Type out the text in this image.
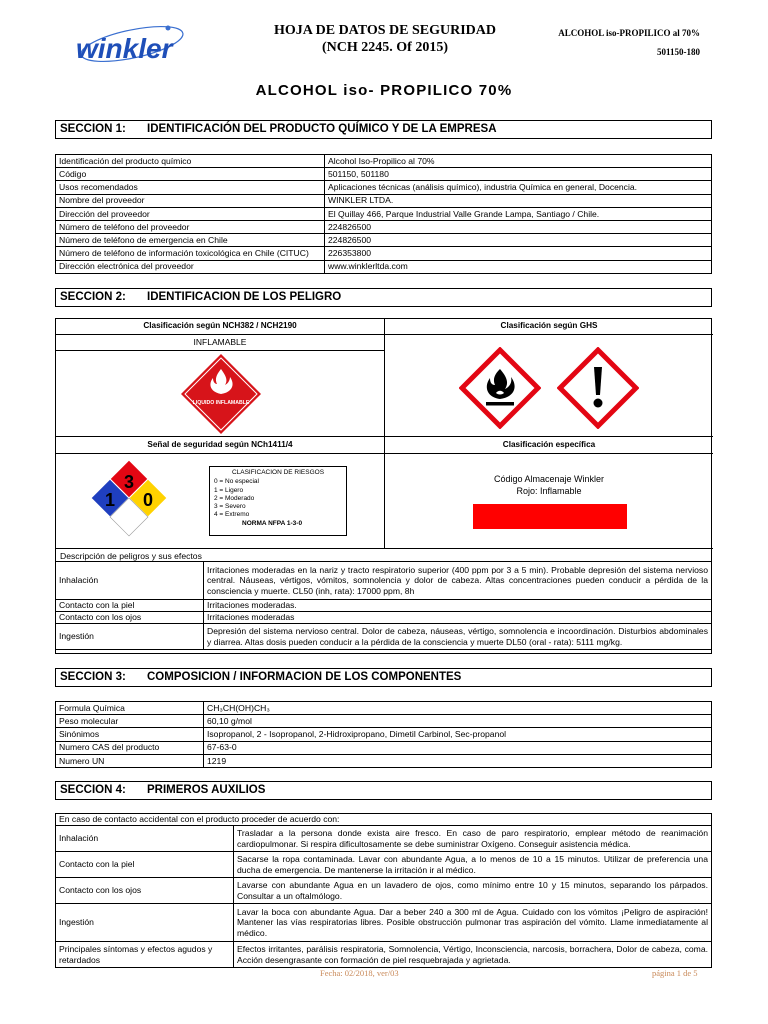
winkler
HOJA DE DATOS DE SEGURIDAD
(NCH 2245. Of 2015)
ALCOHOL iso-PROPILICO al 70%
501150-180
ALCOHOL iso- PROPILICO 70%
SECCION 1: IDENTIFICACIÓN DEL PRODUCTO QUÍMICO Y DE LA EMPRESA
Identificación del producto químico	Alcohol Iso-Propilico al 70%
Código	501150, 501180
Usos recomendados	Aplicaciones técnicas (análisis químico), industria Química en general, Docencia.
Nombre del proveedor	WINKLER LTDA.
Dirección del proveedor	El Quillay 466, Parque Industrial Valle Grande Lampa, Santiago / Chile.
Número de teléfono del proveedor	224826500
Número de teléfono de emergencia en Chile	224826500
Número de teléfono de información toxicológica en Chile (CITUC)	226353800
Dirección electrónica del proveedor	www.winklerltda.com
SECCION 2: IDENTIFICACION DE LOS PELIGRO
Clasificación según NCH382 / NCH2190	Clasificación según GHS
INFLAMABLE
LIQUIDO INFLAMABLE
Señal de seguridad según NCh1411/4	Clasificación específica
3
1 0
Código Almacenaje Winkler
Rojo: Inflamable
Descripción de peligros y sus efectos
CLASIFICACION DE RIESGOS
0 = No especial
1 = Ligero
2 = Moderado
3 = Severo
4 = Extremo
NORMA NFPA 1-3-0
Inhalación	Irritaciones moderadas en la nariz y tracto respiratorio superior (400 ppm por 3 a 5 min). Probable depresión del sistema nervioso central. Náuseas, vértigos, vómitos, somnolencia y dolor de cabeza. Altas concentraciones pueden conducir a pérdida de la consciencia y muerte. CL50 (inh, rata): 17000 ppm, 8h
Contacto con la piel	Irritaciones moderadas.
Contacto con los ojos	Irritaciones moderadas
Ingestión	Depresión del sistema nervioso central. Dolor de cabeza, náuseas, vértigo, somnolencia e incoordinación. Disturbios abdominales y diarrea. Altas dosis pueden conducir a la pérdida de la consciencia y muerte DL50 (oral - rata): 5111 mg/kg.
SECCION 3: COMPOSICION / INFORMACION DE LOS COMPONENTES
Formula Química	CH₃CH(OH)CH₃
Peso molecular	60,10 g/mol
Sinónimos	Isopropanol, 2 - Isopropanol, 2-Hidroxipropano, Dimetil Carbinol, Sec-propanol
Numero CAS del producto	67-63-0
Numero UN	1219
SECCION 4: PRIMEROS AUXILIOS
En caso de contacto accidental con el producto proceder de acuerdo con:	
Inhalación	Trasladar a la persona donde exista aire fresco. En caso de paro respiratorio, emplear método de reanimación cardiopulmonar. Si respira dificultosamente se debe suministrar Oxígeno. Conseguir asistencia médica.
Contacto con la piel	Sacarse la ropa contaminada. Lavar con abundante Agua, a lo menos de 10 a 15 minutos. Utilizar de preferencia una ducha de emergencia. De mantenerse la irritación ir al médico.
Contacto con los ojos	Lavarse con abundante Agua en un lavadero de ojos, como mínimo entre 10 y 15 minutos, separando los párpados. Consultar a un oftalmólogo.
Ingestión	Lavar la boca con abundante Agua. Dar a beber 240 a 300 ml de Agua. Cuidado con los vómitos ¡Peligro de aspiración! Mantener las vías respiratorias libres. Posible obstrucción pulmonar tras aspiración del vómito. Llame inmediatamente al médico.
Principales síntomas y efectos agudos y retardados	Efectos irritantes, parálisis respiratoria, Somnolencia, Vértigo, Inconsciencia, narcosis, borrachera, Dolor de cabeza, coma. Acción desengrasante con formación de piel resquebrajada y agrietada.
Fecha: 02/2018, ver/03	página 1 de 5
